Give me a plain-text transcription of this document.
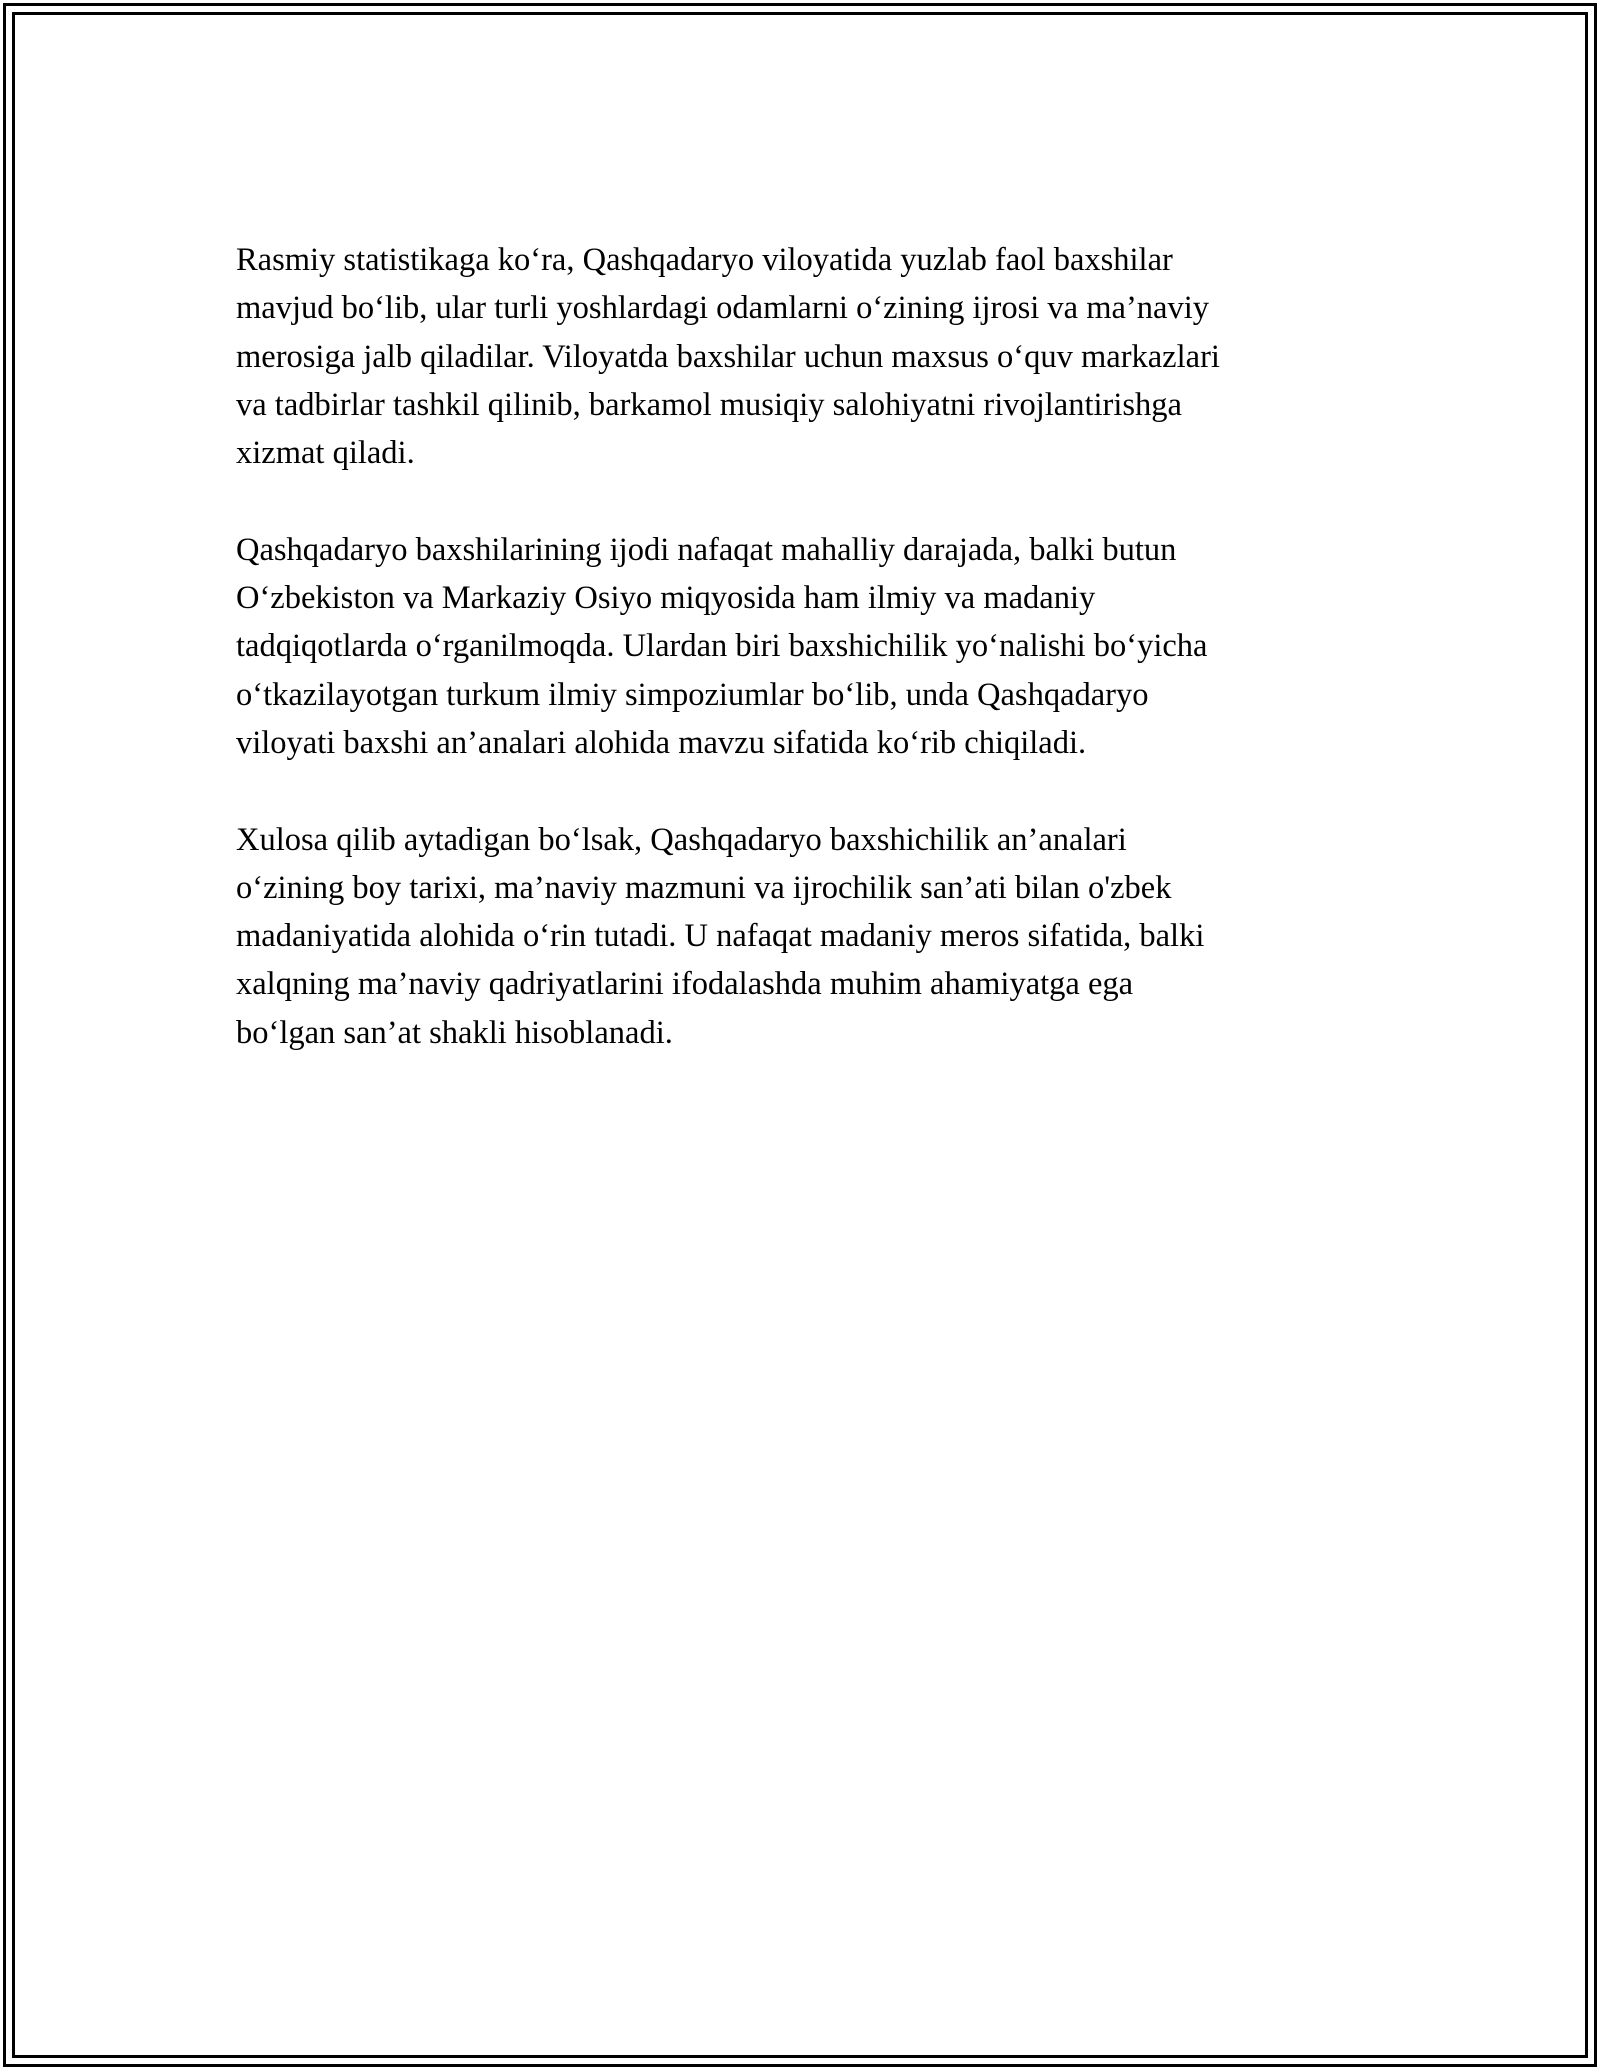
Rasmiy statistikaga ko‘ra, Qashqadaryo viloyatida yuzlab faol baxshilar
mavjud bo‘lib, ular turli yoshlardagi odamlarni o‘zining ijrosi va ma’naviy
merosiga jalb qiladilar. Viloyatda baxshilar uchun maxsus o‘quv markazlari
va tadbirlar tashkil qilinib, barkamol musiqiy salohiyatni rivojlantirishga
xizmat qiladi.

Qashqadaryo baxshilarining ijodi nafaqat mahalliy darajada, balki butun
O‘zbekiston va Markaziy Osiyo miqyosida ham ilmiy va madaniy
tadqiqotlarda o‘rganilmoqda. Ulardan biri baxshichilik yo‘nalishi bo‘yicha
o‘tkazilayotgan turkum ilmiy simpoziumlar bo‘lib, unda Qashqadaryo
viloyati baxshi an’analari alohida mavzu sifatida ko‘rib chiqiladi.

Xulosa qilib aytadigan bo‘lsak, Qashqadaryo baxshichilik an’analari
o‘zining boy tarixi, ma’naviy mazmuni va ijrochilik san’ati bilan o'zbek
madaniyatida alohida o‘rin tutadi. U nafaqat madaniy meros sifatida, balki
xalqning ma’naviy qadriyatlarini ifodalashda muhim ahamiyatga ega
bo‘lgan san’at shakli hisoblanadi.
